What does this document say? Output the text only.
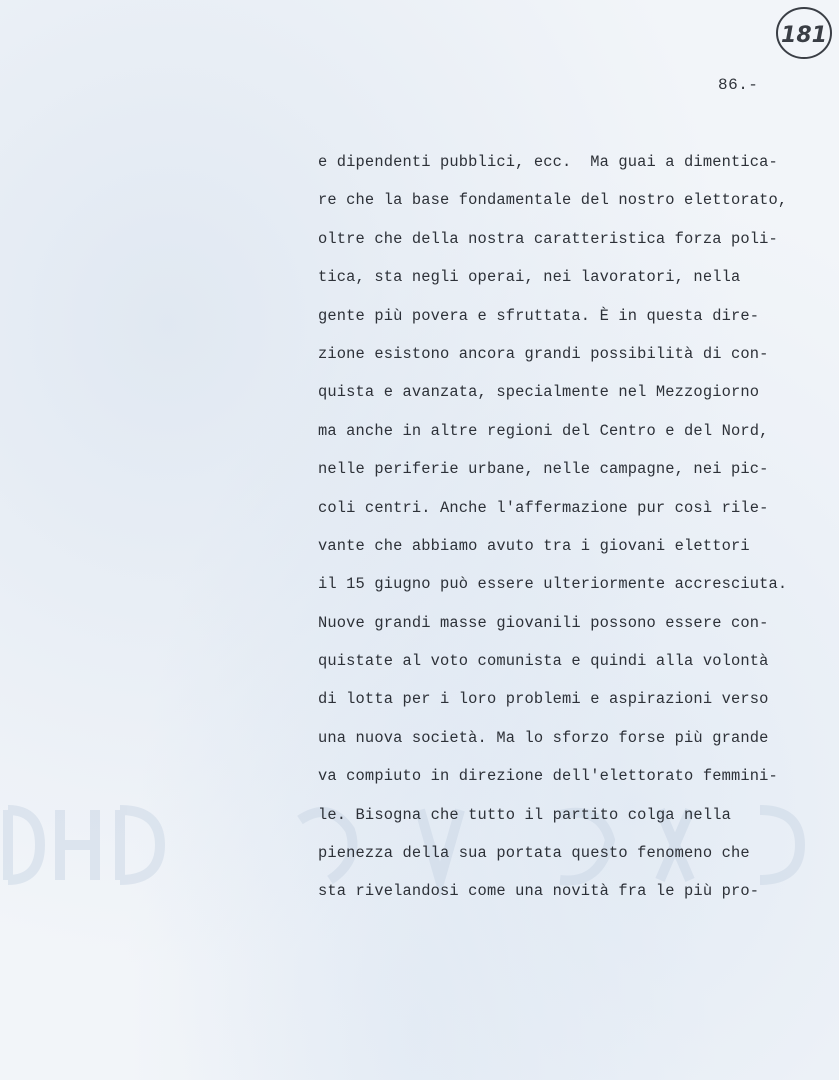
181
86.-
e dipendenti pubblici, ecc.  Ma guai a dimentica-
re che la base fondamentale del nostro elettorato,
oltre che della nostra caratteristica forza poli-
tica, sta negli operai, nei lavoratori, nella
gente più povera e sfruttata. È in questa dire-
zione esistono ancora grandi possibilità di con-
quista e avanzata, specialmente nel Mezzogiorno
ma anche in altre regioni del Centro e del Nord,
nelle periferie urbane, nelle campagne, nei pic-
coli centri. Anche l'affermazione pur così rile-
vante che abbiamo avuto tra i giovani elettori
il 15 giugno può essere ulteriormente accresciuta.
Nuove grandi masse giovanili possono essere con-
quistate al voto comunista e quindi alla volontà
di lotta per i loro problemi e aspirazioni verso
una nuova società. Ma lo sforzo forse più grande
va compiuto in direzione dell'elettorato femmini-
le. Bisogna che tutto il partito colga nella
pienezza della sua portata questo fenomeno che
sta rivelandosi come una novità fra le più pro-
